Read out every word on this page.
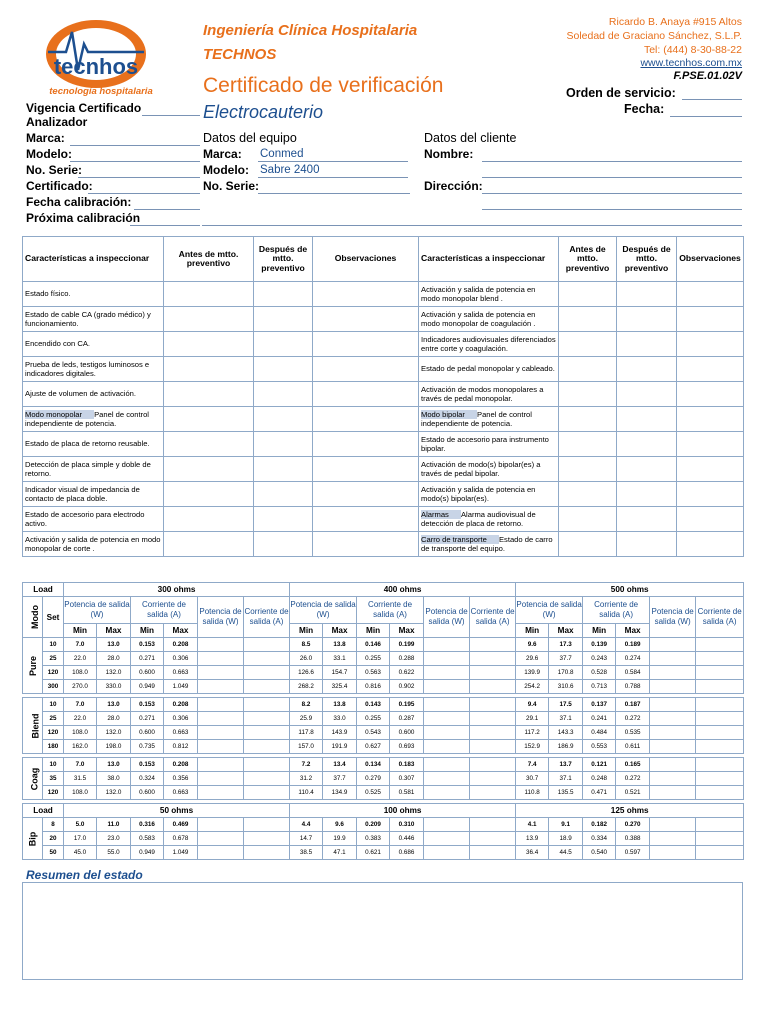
tecnhos
tecnología hospitalaria
Ingeniería Clínica Hospitalaria
TECHNOS
Certificado de verificación
Electrocauterio
Ricardo B. Anaya #915 Altos
Soledad de Graciano Sánchez, S.L.P.
Tel: (444) 8-30-88-22
www.tecnhos.com.mx
F.PSE.01.02V
Orden de servicio:
Fecha:
Vigencia Certificado
Analizador
Marca:
Modelo:
No. Serie:
Certificado:
Fecha calibración:
Próxima calibración
Datos del equipo
Marca: Conmed
Modelo: Sabre 2400
No. Serie:
Datos del cliente
Nombre:
Dirección:
Características a inspeccionar	Antes de mtto. preventivo	Después de mtto. preventivo	Observaciones	Características a inspeccionar	Antes de mtto. preventivo	Después de mtto. preventivo	Observaciones
Estado físico.				Activación y salida de potencia en modo monopolar blend .			
Estado de cable CA (grado médico) y funcionamiento.				Activación y salida de potencia en modo monopolar de coagulación .			
Encendido con CA.				Indicadores audiovisuales diferenciados entre corte y coagulación.			
Prueba de leds, testigos luminosos e indicadores digitales.				Estado de pedal monopolar y cableado.			
Ajuste de volumen de activación.				Activación de modos monopolares a través de pedal monopolar.			
Modo monopolar Panel de control independiente de potencia.				Modo bipolar Panel de control independiente de potencia.			
Estado de placa de retorno reusable.				Estado de accesorio para instrumento bipolar.			
Detección de placa simple y doble de retorno.				Activación de modo(s) bipolar(es) a través de pedal bipolar.			
Indicador visual de impedancia de contacto de placa doble.				Activación y salida de potencia en modo(s) bipolar(es).			
Estado de accesorio para electrodo activo.				Alarmas Alarma audiovisual de detección de placa de retorno.			
Activación y salida de potencia en modo monopolar de corte .				Carro de transporte Estado de carro de transporte del equipo.			
Load		300 ohms						400 ohms						500 ohms					
Modo	Set	Potencia de salida (W)		Corriente de salida (A)		Potencia de salida (W)	Corriente de salida (A)	Potencia de salida (W)		Corriente de salida (A)		Potencia de salida (W)	Corriente de salida (A)	Potencia de salida (W)		Corriente de salida (A)		Potencia de salida (W)	Corriente de salida (A)
		Min	Max	Min	Max			Min	Max	Min	Max			Min	Max	Min	Max		
Pure	10	7.0	13.0	0.153	0.208			8.5	13.8	0.146	0.199			9.6	17.3	0.139	0.189		
	25	22.0	28.0	0.271	0.306			26.0	33.1	0.255	0.288			29.6	37.7	0.243	0.274		
	120	108.0	132.0	0.600	0.663			126.6	154.7	0.563	0.622			139.9	170.8	0.528	0.584		
	300	270.0	330.0	0.949	1.049			268.2	325.4	0.816	0.902			254.2	310.6	0.713	0.788		

Blend	10	7.0	13.0	0.153	0.208			8.2	13.8	0.143	0.195			9.4	17.5	0.137	0.187		
	25	22.0	28.0	0.271	0.306			25.9	33.0	0.255	0.287			29.1	37.1	0.241	0.272		
	120	108.0	132.0	0.600	0.663			117.8	143.9	0.543	0.600			117.2	143.3	0.484	0.535		
	180	162.0	198.0	0.735	0.812			157.0	191.9	0.627	0.693			152.9	186.9	0.553	0.611		

Coag	10	7.0	13.0	0.153	0.208			7.2	13.4	0.134	0.183			7.4	13.7	0.121	0.165		
	35	31.5	38.0	0.324	0.356			31.2	37.7	0.279	0.307			30.7	37.1	0.248	0.272		
	120	108.0	132.0	0.600	0.663			110.4	134.9	0.525	0.581			110.8	135.5	0.471	0.521		

Load		50 ohms						100 ohms						125 ohms					
Bip	8	5.0	11.0	0.316	0.469			4.4	9.6	0.209	0.310			4.1	9.1	0.182	0.270		
	20	17.0	23.0	0.583	0.678			14.7	19.9	0.383	0.446			13.9	18.9	0.334	0.388		
	50	45.0	55.0	0.949	1.049			38.5	47.1	0.621	0.686			36.4	44.5	0.540	0.597		
Resumen del estado
